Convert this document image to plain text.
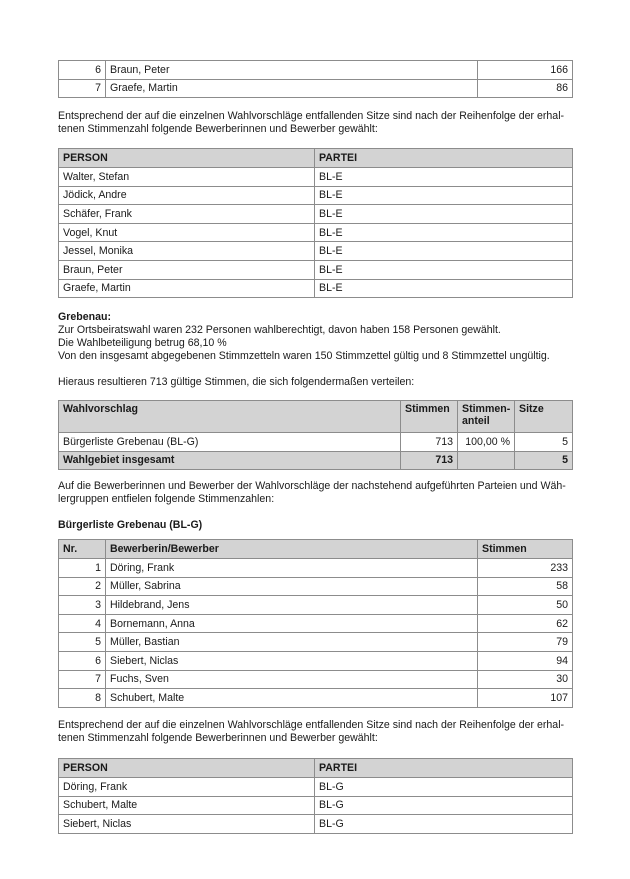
6	Braun, Peter	166
7	Graefe, Martin	86

Entsprechend der auf die einzelnen Wahlvorschläge entfallenden Sitze sind nach der Reihenfolge der erhal-

tenen Stimmenzahl folgende Bewerberinnen und Bewerber gewählt:

PERSON	PARTEI
Walter, Stefan	BL-E
Jödick, Andre	BL-E
Schäfer, Frank	BL-E
Vogel, Knut	BL-E
Jessel, Monika	BL-E
Braun, Peter	BL-E
Graefe, Martin	BL-E

Grebenau:

Zur Ortsbeiratswahl waren 232 Personen wahlberechtigt, davon haben 158 Personen gewählt.

Die Wahlbeteiligung betrug 68,10 %

Von den insgesamt abgegebenen Stimmzetteln waren 150 Stimmzettel gültig und 8 Stimmzettel ungültig.

Hieraus resultieren 713 gültige Stimmen, die sich folgendermaßen verteilen:

Wahlvorschlag	Stimmen	Stimmen-
anteil	Sitze
Bürgerliste Grebenau (BL-G)	713	100,00 %	5
Wahlgebiet insgesamt	713		5

Auf die Bewerberinnen und Bewerber der Wahlvorschläge der nachstehend aufgeführten Parteien und Wäh-

lergruppen entfielen folgende Stimmenzahlen:

Bürgerliste Grebenau (BL-G)

Nr.	Bewerberin/Bewerber	Stimmen
1	Döring, Frank	233
2	Müller, Sabrina	58
3	Hildebrand, Jens	50
4	Bornemann, Anna	62
5	Müller, Bastian	79
6	Siebert, Niclas	94
7	Fuchs, Sven	30
8	Schubert, Malte	107

Entsprechend der auf die einzelnen Wahlvorschläge entfallenden Sitze sind nach der Reihenfolge der erhal-

tenen Stimmenzahl folgende Bewerberinnen und Bewerber gewählt:

PERSON	PARTEI
Döring, Frank	BL-G
Schubert, Malte	BL-G
Siebert, Niclas	BL-G
